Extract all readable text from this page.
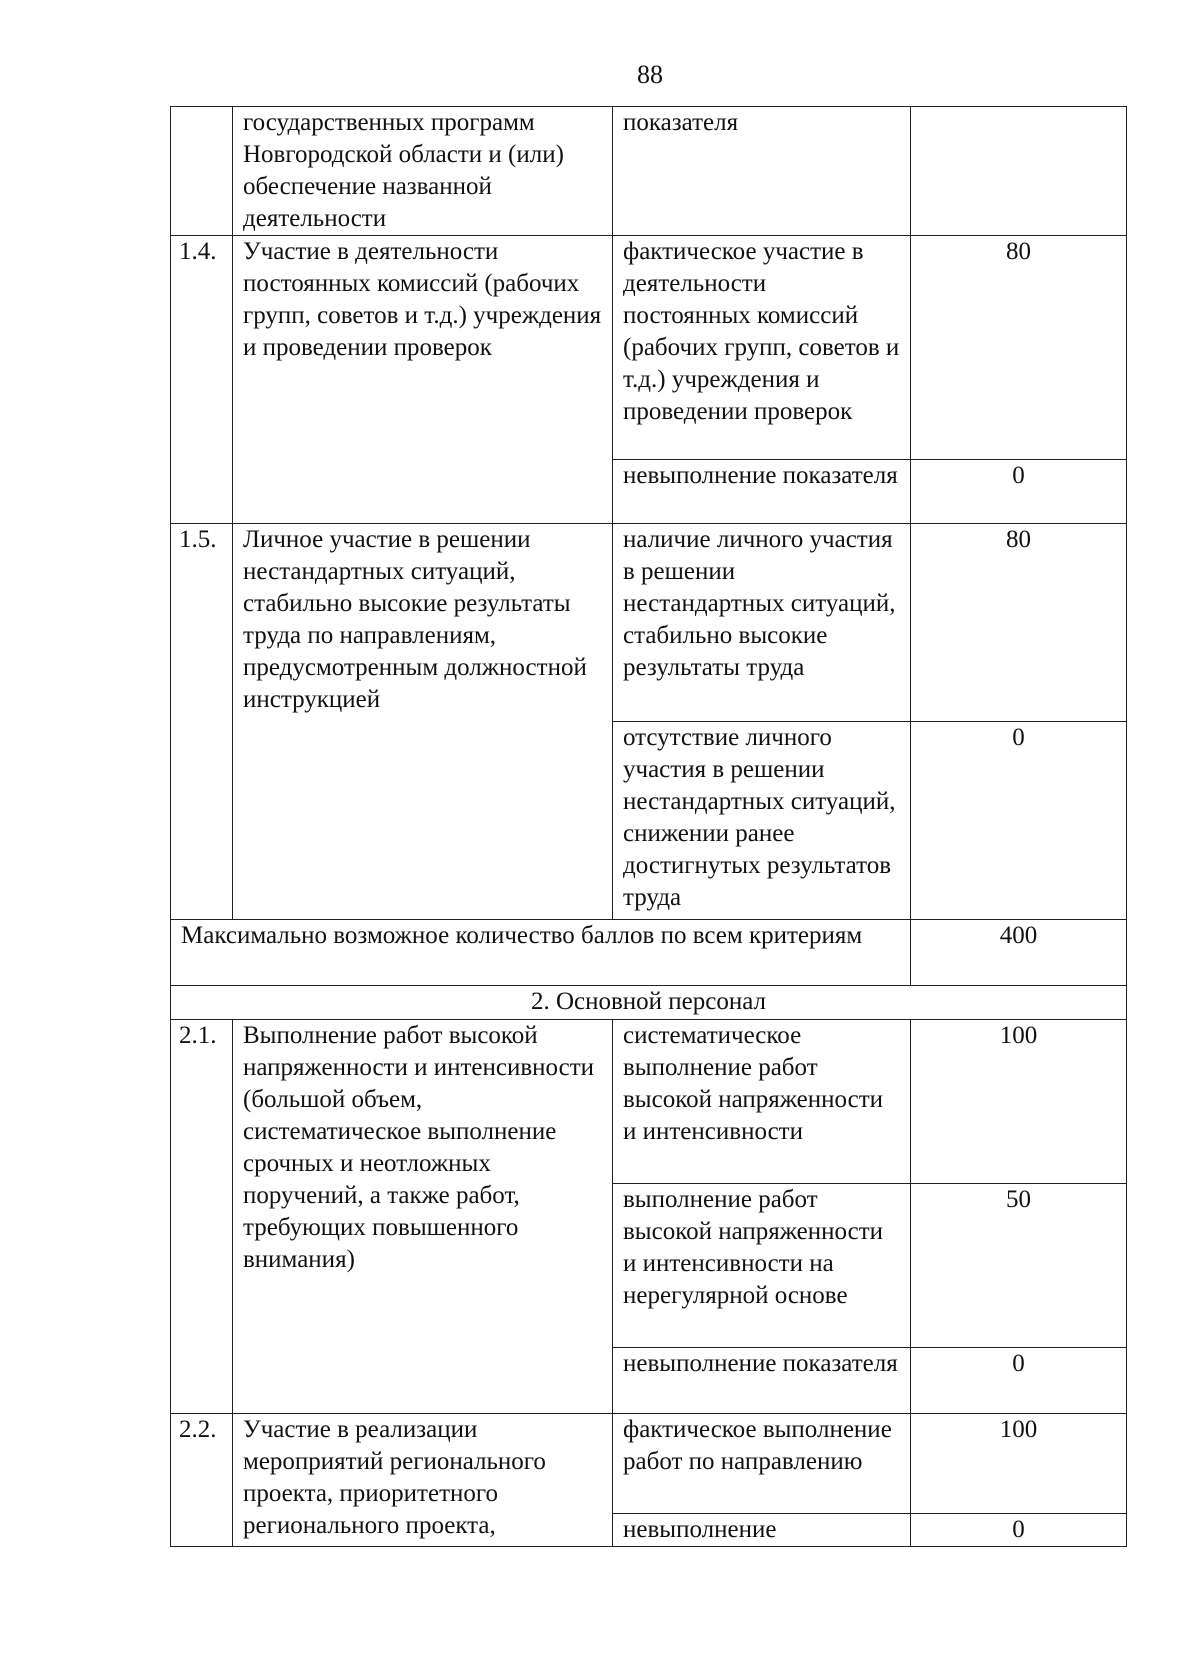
88
	государственных программ Новгородской области и (или) обеспечение названной деятельности	показателя	
1.4.	Участие в деятельности постоянных комиссий (рабочих групп, советов и т.д.) учреждения и проведении проверок	фактическое участие в деятельности постоянных комиссий (рабочих групп, советов и т.д.) учреждения и проведении проверок	80
		невыполнение показателя	0
1.5.	Личное участие в решении нестандартных ситуаций, стабильно высокие результаты труда по направлениям, предусмотренным должностной инструкцией	наличие личного участия в решении нестандартных ситуаций, стабильно высокие результаты труда	80
		отсутствие личного участия в решении нестандартных ситуаций, снижении ранее достигнутых результатов труда	0
Максимально возможное количество баллов по всем критериям			400
2. Основной персонал			
2.1.	Выполнение работ высокой напряженности и интенсивности (большой объем, систематическое выполнение срочных и неотложных поручений, а также работ, требующих повышенного внимания)	систематическое выполнение работ высокой напряженности и интенсивности	100
		выполнение работ высокой напряженности и интенсивности на нерегулярной основе	50
		невыполнение показателя	0
2.2.	Участие в реализации мероприятий регионального проекта, приоритетного регионального проекта,	фактическое выполнение работ по направлению	100
		невыполнение	0
